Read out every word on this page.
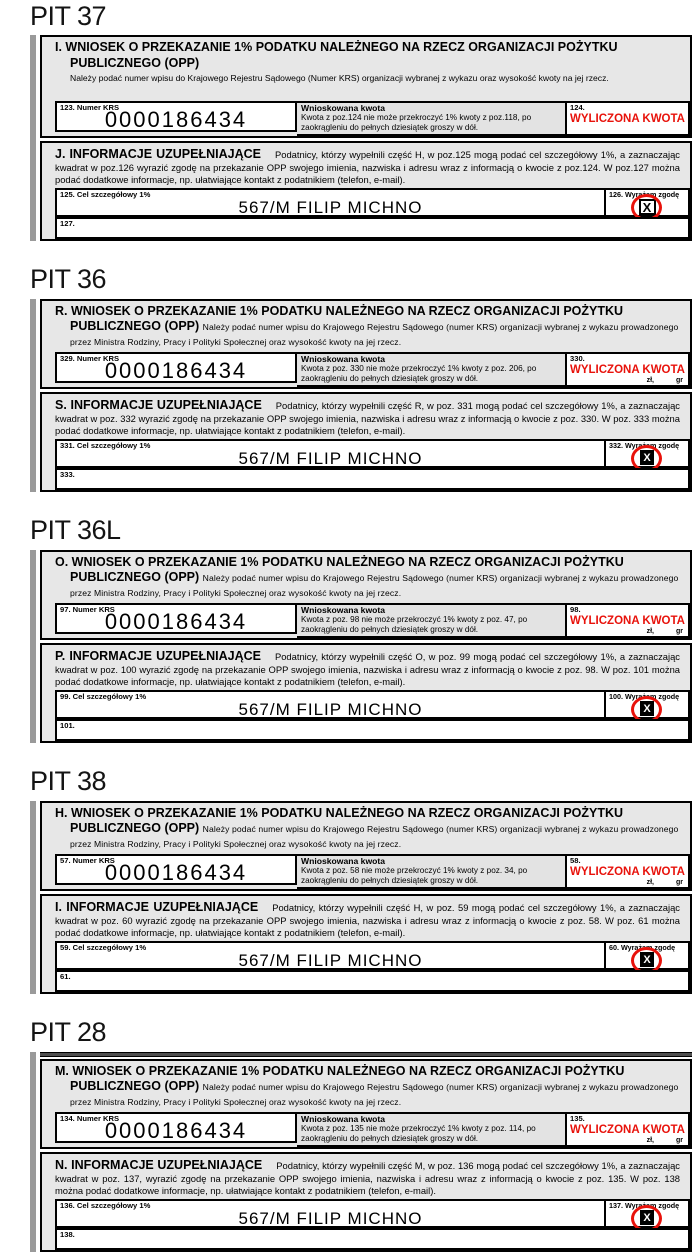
PIT 37

I. WNIOSEK O PRZEKAZANIE 1% PODATKU NALEŻNEGO NA RZECZ ORGANIZACJI POŻYTKU PUBLICZNEGO (OPP)

Należy podać numer wpisu do Krajowego Rejestru Sądowego (Numer KRS) organizacji wybranej z wykazu oraz wysokość kwoty na jej rzecz.
123. Numer KRS
0000186434	Wnioskowana kwota
Kwota z poz.124 nie może przekroczyć 1% kwoty z poz.118, po zaokrągleniu do pełnych dziesiątek groszy w dół.
124.
WYLICZONA KWOTA

J. INFORMACJE UZUPEŁNIAJĄCE Podatnicy, którzy wypełnili część H, w poz.125 mogą podać cel szczegółowy 1%, a zaznaczając kwadrat w poz.126 wyrazić zgodę na przekazanie OPP swojego imienia, nazwiska i adresu wraz z informacją o kwocie z poz.124. W poz.127 można podać dodatkowe informacje, np. ułatwiające kontakt z podatnikiem (telefon, e-mail).

125. Cel szczegółowy 1%
567/M FILIP MICHNO
126. Wyrażam zgodę
X
127.
PIT 36

R. WNIOSEK O PRZEKAZANIE 1% PODATKU NALEŻNEGO NA RZECZ ORGANIZACJI POŻYTKU PUBLICZNEGO (OPP) Należy podać numer wpisu do Krajowego Rejestru Sądowego (numer KRS) organizacji wybranej z wykazu prowadzonego przez Ministra Rodziny, Pracy i Polityki Społecznej oraz wysokość kwoty na jej rzecz.

329. Numer KRS
0000186434	Wnioskowana kwota
Kwota z poz. 330 nie może przekroczyć 1% kwoty z poz. 206, po zaokrągleniu do pełnych dziesiątek groszy w dół.
330.
WYLICZONA KWOTA
zł,	gr

S. INFORMACJE UZUPEŁNIAJĄCE Podatnicy, którzy wypełnili część R, w poz. 331 mogą podać cel szczegółowy 1%, a zaznaczając kwadrat w poz. 332 wyrazić zgodę na przekazanie OPP swojego imienia, nazwiska i adresu wraz z informacją o kwocie z poz. 330. W poz. 333 można podać dodatkowe informacje, np. ułatwiające kontakt z podatnikiem (telefon, e-mail).

331. Cel szczegółowy 1%
567/M FILIP MICHNO
332. Wyrażam zgodę
X
333.
PIT 36L

O. WNIOSEK O PRZEKAZANIE 1% PODATKU NALEŻNEGO NA RZECZ ORGANIZACJI POŻYTKU PUBLICZNEGO (OPP) Należy podać numer wpisu do Krajowego Rejestru Sądowego (numer KRS) organizacji wybranej z wykazu prowadzonego przez Ministra Rodziny, Pracy i Polityki Społecznej oraz wysokość kwoty na jej rzecz.

97. Numer KRS
0000186434	Wnioskowana kwota
Kwota z poz. 98 nie może przekroczyć 1% kwoty z poz. 47, po zaokrągleniu do pełnych dziesiątek groszy w dół.
98.
WYLICZONA KWOTA
zł,	gr

P. INFORMACJE UZUPEŁNIAJĄCE Podatnicy, którzy wypełnili część O, w poz. 99 mogą podać cel szczegółowy 1%, a zaznaczając kwadrat w poz. 100 wyrazić zgodę na przekazanie OPP swojego imienia, nazwiska i adresu wraz z informacją o kwocie z poz. 98. W poz. 101 można podać dodatkowe informacje, np. ułatwiające kontakt z podatnikiem (telefon, e-mail).

99. Cel szczegółowy 1%
567/M FILIP MICHNO
100. Wyrażam zgodę
X
101.
PIT 38

H. WNIOSEK O PRZEKAZANIE 1% PODATKU NALEŻNEGO NA RZECZ ORGANIZACJI POŻYTKU PUBLICZNEGO (OPP) Należy podać numer wpisu do Krajowego Rejestru Sądowego (numer KRS) organizacji wybranej z wykazu prowadzonego przez Ministra Rodziny, Pracy i Polityki Społecznej oraz wysokość kwoty na jej rzecz.

57. Numer KRS
0000186434	Wnioskowana kwota
Kwota z poz. 58 nie może przekroczyć 1% kwoty z poz. 34, po zaokrągleniu do pełnych dziesiątek groszy w dół.
58.
WYLICZONA KWOTA
zł,	gr

I. INFORMACJE UZUPEŁNIAJĄCE Podatnicy, którzy wypełnili część H, w poz. 59 mogą podać cel szczegółowy 1%, a zaznaczając kwadrat w poz. 60 wyrazić zgodę na przekazanie OPP swojego imienia, nazwiska i adresu wraz z informacją o kwocie z poz. 58. W poz. 61 można podać dodatkowe informacje, np. ułatwiające kontakt z podatnikiem (telefon, e-mail).

59. Cel szczegółowy 1%
567/M FILIP MICHNO
60. Wyrażam zgodę
X
61.
PIT 28

M. WNIOSEK O PRZEKAZANIE 1% PODATKU NALEŻNEGO NA RZECZ ORGANIZACJI POŻYTKU PUBLICZNEGO (OPP) Należy podać numer wpisu do Krajowego Rejestru Sądowego (numer KRS) organizacji wybranej z wykazu prowadzonego przez Ministra Rodziny, Pracy i Polityki Społecznej oraz wysokość kwoty na jej rzecz.

134. Numer KRS
0000186434	Wnioskowana kwota
Kwota z poz. 135 nie może przekroczyć 1% kwoty z poz. 114, po zaokrągleniu do pełnych dziesiątek groszy w dół.
135.
WYLICZONA KWOTA
zł,	gr

N. INFORMACJE UZUPEŁNIAJĄCE Podatnicy, którzy wypełnili część M, w poz. 136 mogą podać cel szczegółowy 1%, a zaznaczając kwadrat w poz. 137, wyrazić zgodę na przekazanie OPP swojego imienia, nazwiska i adresu wraz z informacją o kwocie z poz. 135. W poz. 138 można podać dodatkowe informacje, np. ułatwiające kontakt z podatnikiem (telefon, e-mail).

136. Cel szczegółowy 1%
567/M FILIP MICHNO
137. Wyrażam zgodę
X
138.
